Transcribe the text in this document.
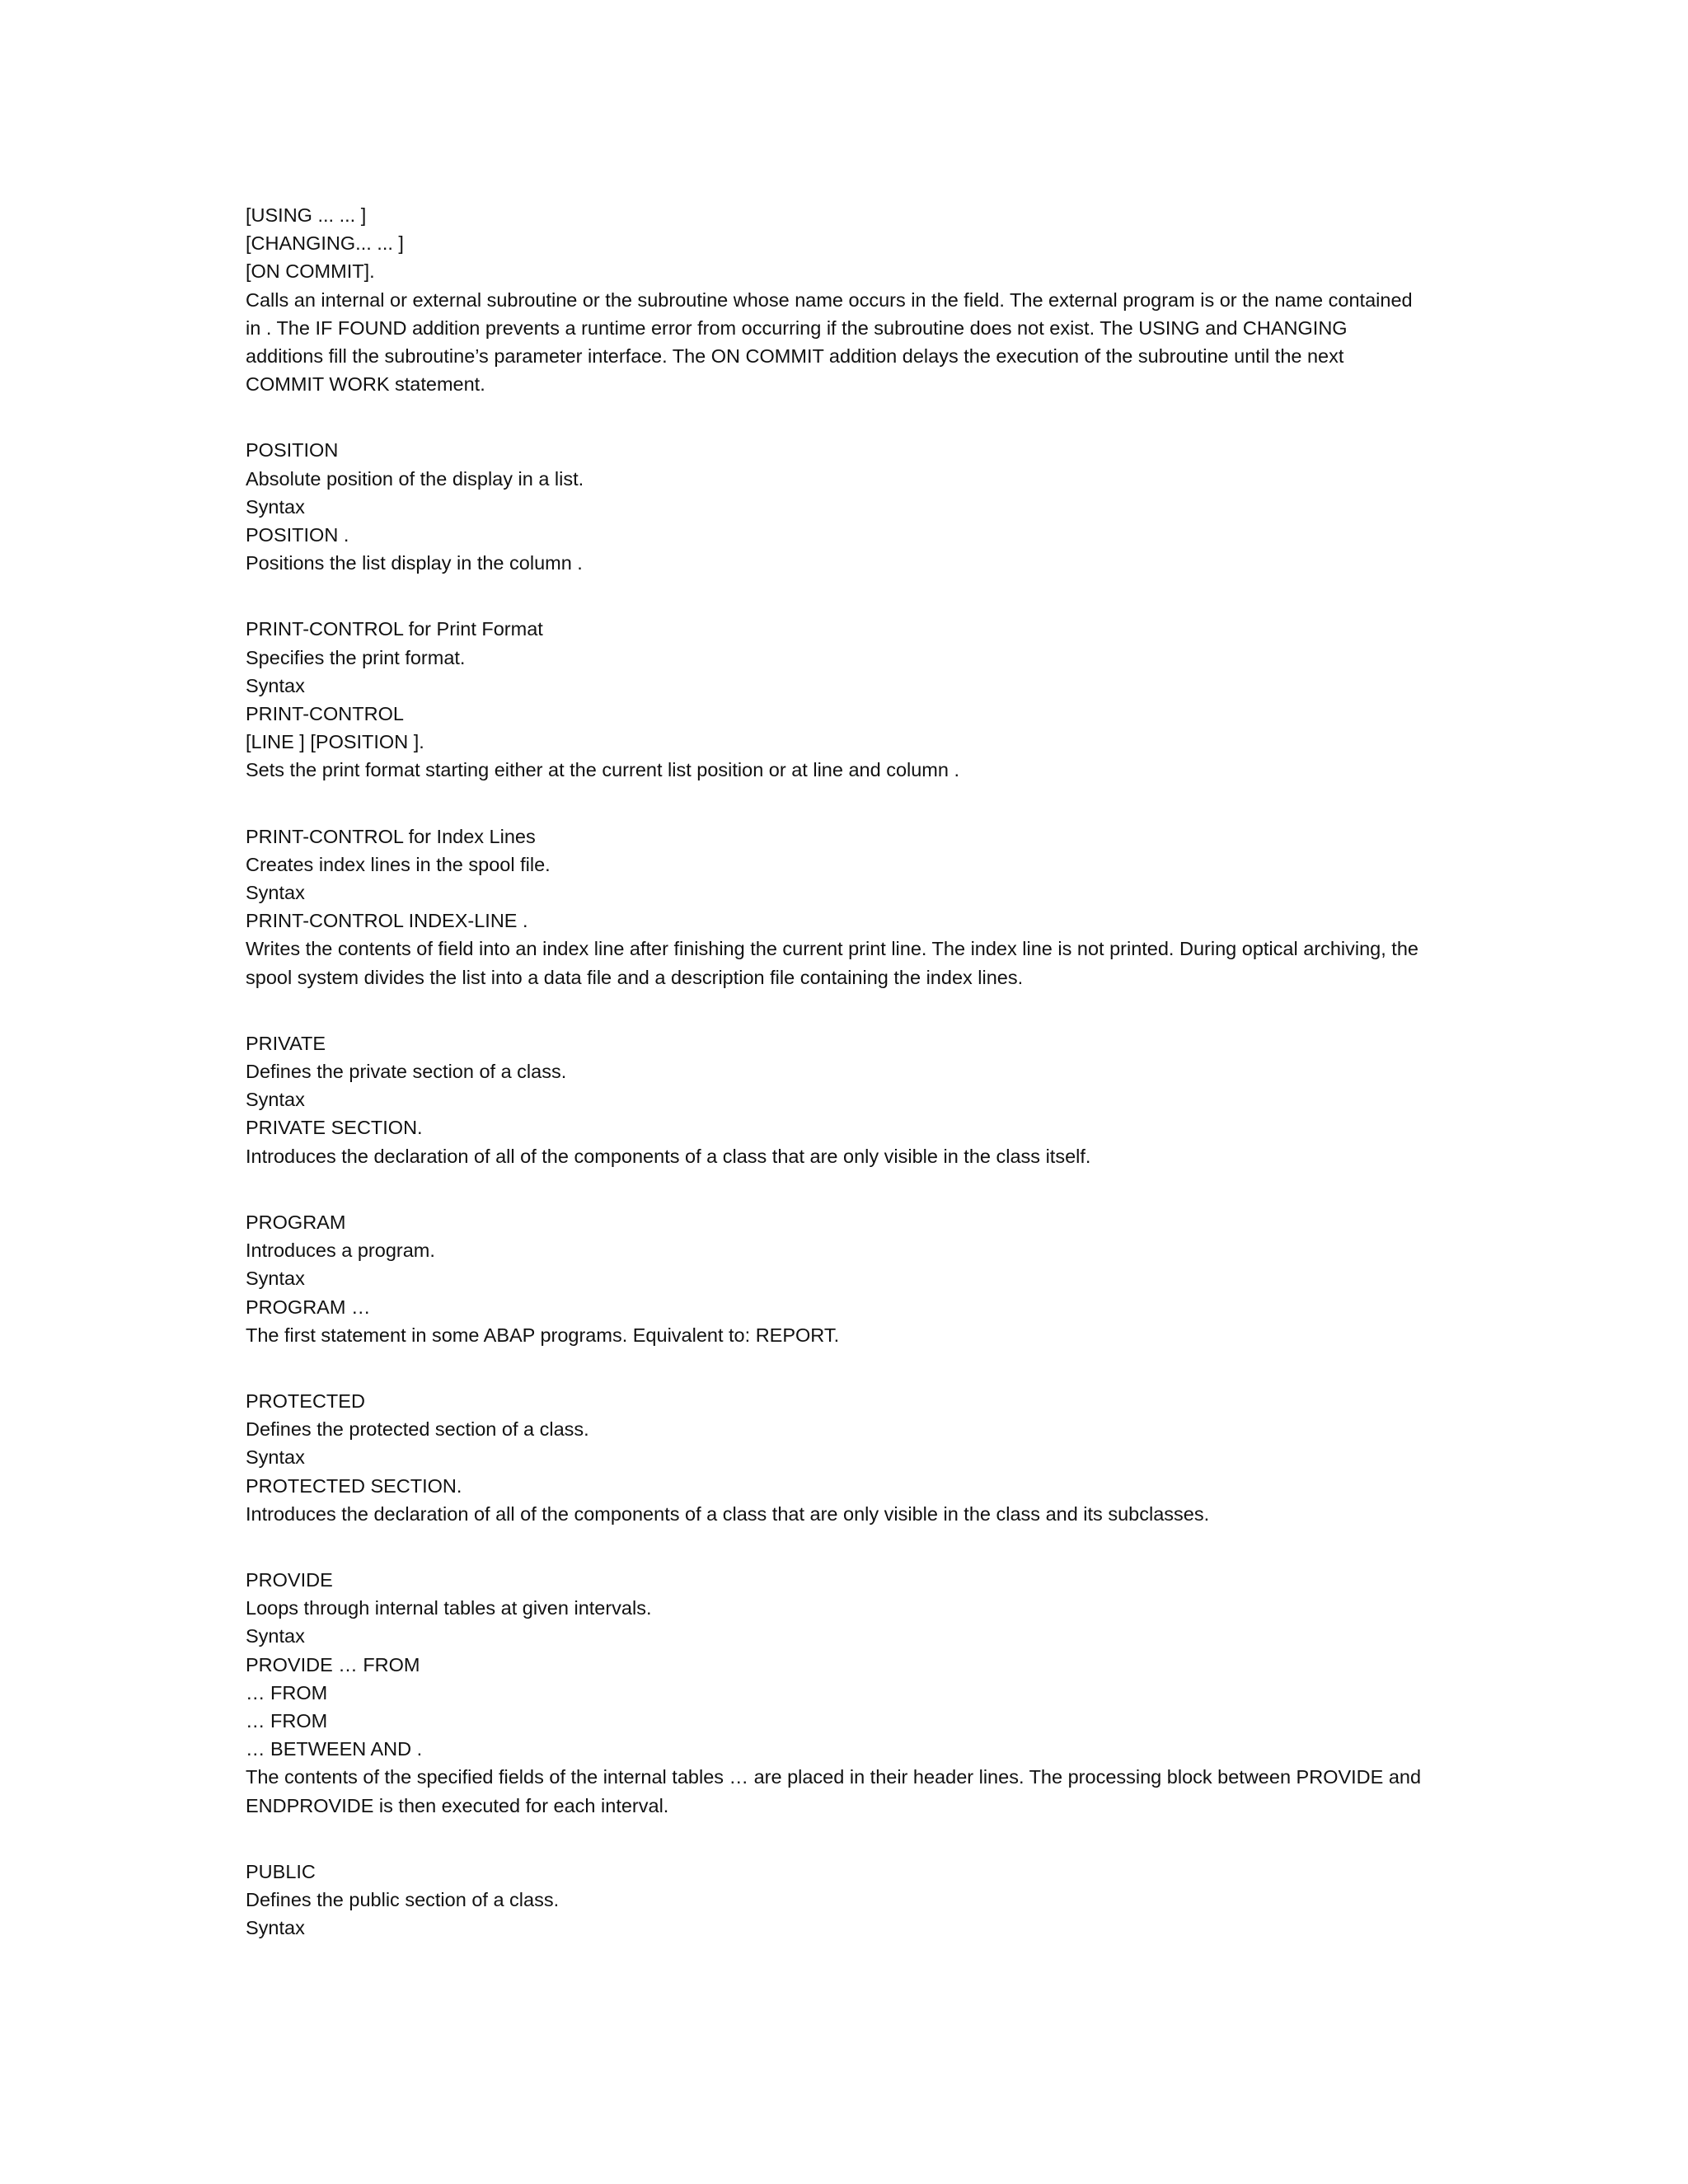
[USING ... ... ]
[CHANGING... ... ]
[ON COMMIT].
Calls an internal or external subroutine or the subroutine whose name occurs in the field. The external program is or the name contained in . The IF FOUND addition prevents a runtime error from occurring if the subroutine does not exist. The USING and CHANGING additions fill the subroutine’s parameter interface. The ON COMMIT addition delays the execution of the subroutine until the next COMMIT WORK statement.
POSITION
Absolute position of the display in a list.
Syntax
POSITION .
Positions the list display in the column .
PRINT-CONTROL for Print Format
Specifies the print format.
Syntax
PRINT-CONTROL
[LINE ] [POSITION ].
Sets the print format starting either at the current list position or at line and column .
PRINT-CONTROL for Index Lines
Creates index lines in the spool file.
Syntax
PRINT-CONTROL INDEX-LINE .
Writes the contents of field into an index line after finishing the current print line. The index line is not printed. During optical archiving, the spool system divides the list into a data file and a description file containing the index lines.
PRIVATE
Defines the private section of a class.
Syntax
PRIVATE SECTION.
Introduces the declaration of all of the components of a class that are only visible in the class itself.
PROGRAM
Introduces a program.
Syntax
PROGRAM …
The first statement in some ABAP programs. Equivalent to: REPORT.
PROTECTED
Defines the protected section of a class.
Syntax
PROTECTED SECTION.
Introduces the declaration of all of the components of a class that are only visible in the class and its subclasses.
PROVIDE
Loops through internal tables at given intervals.
Syntax
PROVIDE … FROM
… FROM
… FROM
… BETWEEN AND .
The contents of the specified fields of the internal tables … are placed in their header lines. The processing block between PROVIDE and ENDPROVIDE is then executed for each interval.
PUBLIC
Defines the public section of a class.
Syntax
